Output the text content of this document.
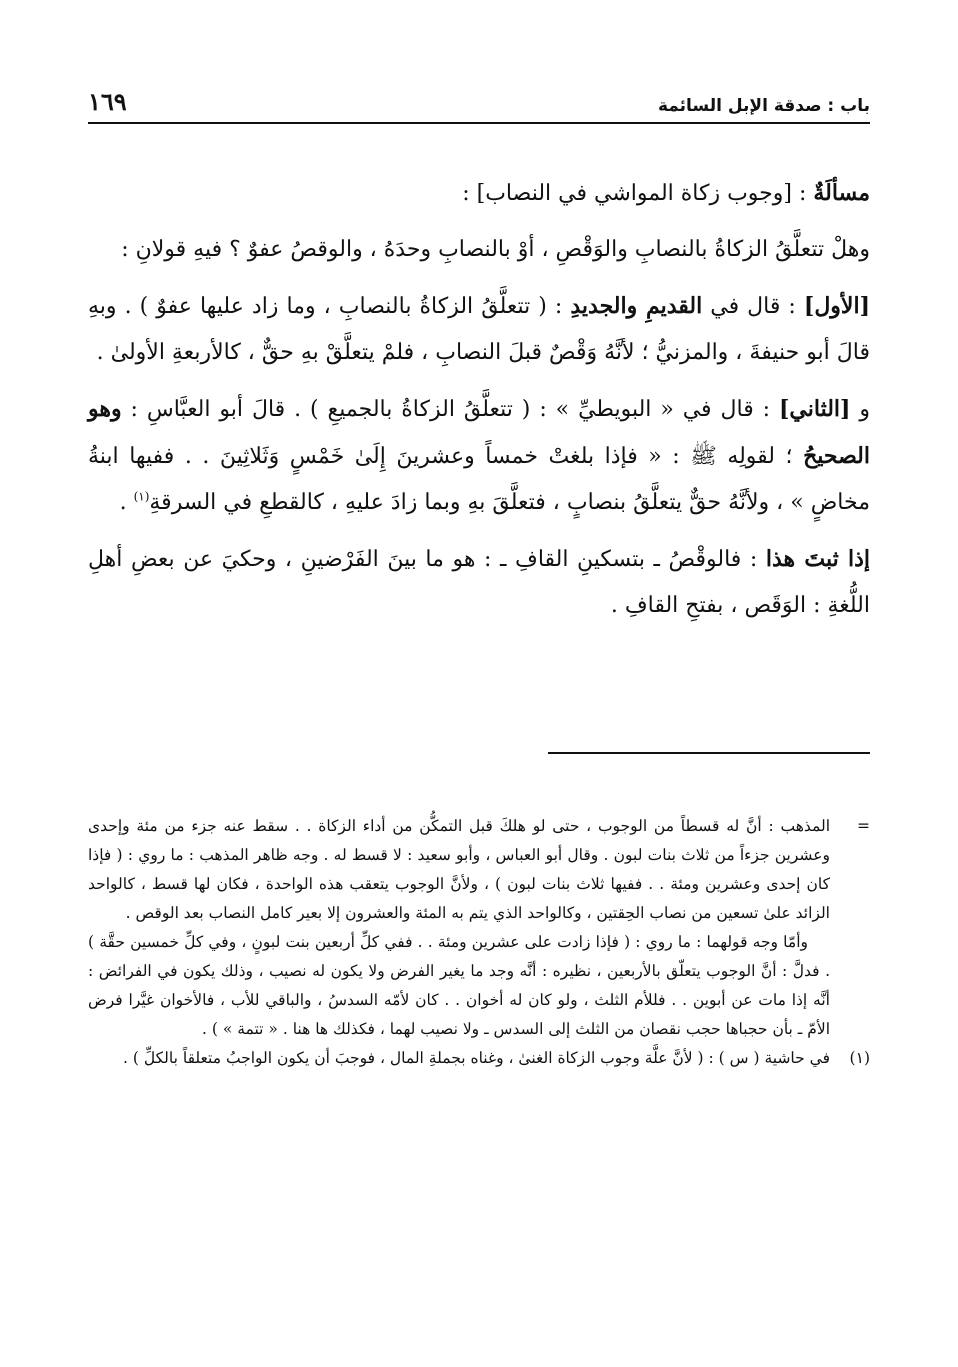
١٦٩	باب : صدقة الإبل السائمة

مسألَةٌ : [وجوب زكاة المواشي في النصاب] :

وهلْ تتعلَّقُ الزكاةُ بالنصابِ والوَقْصِ ، أوْ بالنصابِ وحدَهُ ، والوقصُ عفوٌ ؟ فيهِ قولانِ :

[الأول] : قال في القديمِ والجديدِ : ( تتعلَّقُ الزكاةُ بالنصابِ ، وما زاد عليها عفوٌ ) . وبهِ قالَ أبو حنيفةَ ، والمزنيُّ ؛ لأنَّهُ وَقْصٌ قبلَ النصابِ ، فلمْ يتعلَّقْ بهِ حقٌّ ، كالأربعةِ الأولىٰ .

و [الثاني] : قال في « البويطيِّ » : ( تتعلَّقُ الزكاةُ بالجميعِ ) . قالَ أبو العبَّاسِ : وهو الصحيحُ ؛ لقولِه ﷺ : « فإذا بلغتْ خمساً وعشرينَ إِلَىٰ خَمْسٍ وَثَلاثِينَ . . ففيها ابنةُ مخاضٍ » ، ولأنَّهُ حقٌّ يتعلَّقُ بنصابٍ ، فتعلَّقَ بهِ وبما زادَ عليهِ ، كالقطعِ في السرقةِ$^{(١)}$ .

إذا ثبتَ هذا : فالوقْصُ ـ بتسكينِ القافِ ـ : هو ما بينَ الفَرْضينِ ، وحكيَ عن بعضِ أهلِ اللُّغةِ : الوَقَص ، بفتحِ القافِ .

=

المذهب : أنَّ له قسطاً من الوجوب ، حتى لو هلكَ قبل التمكُّن من أداء الزكاة . . سقط عنه جزء من مئة وإحدى وعشرين جزءاً من ثلاث بنات لبون . وقال أبو العباس ، وأبو سعيد : لا قسط له . وجه ظاهر المذهب : ما روي : ( فإذا كان إحدى وعشرين ومئة . . ففيها ثلاث بنات لبون ) ، ولأنَّ الوجوب يتعقب هذه الواحدة ، فكان لها قسط ، كالواحد الزائد علىٰ تسعين من نصاب الحِقتين ، وكالواحد الذي يتم به المئة والعشرون إلا بعير كامل النصاب بعد الوقص .

وأمّا وجه قولهما : ما روي : ( فإذا زادت على عشرين ومئة . . ففي كلِّ أربعين بنت لبونٍ ، وفي كلِّ خمسين حقَّة ) . فدلَّ : أنَّ الوجوب يتعلّق بالأربعين ، نظيره : أنَّه وجد ما يغير الفرض ولا يكون له نصيب ، وذلك يكون في الفرائض : أنَّه إذا مات عن أبوين . . فللأم الثلث ، ولو كان له أخوان . . كان لأمّه السدسُ ، والباقي للأب ، فالأخوان غيَّرا فرض الأمّ ـ بأن حجباها حجب نقصان من الثلث إلى السدس ـ ولا نصيب لهما ، فكذلك ها هنا . « تتمة » ) .

(١)

في حاشية ( س ) : ( لأنَّ علَّة وجوب الزكاة الغنىٰ ، وغناه بجملةِ المال ، فوجبَ أن يكون الواجبُ متعلقاً بالكلِّ ) .
